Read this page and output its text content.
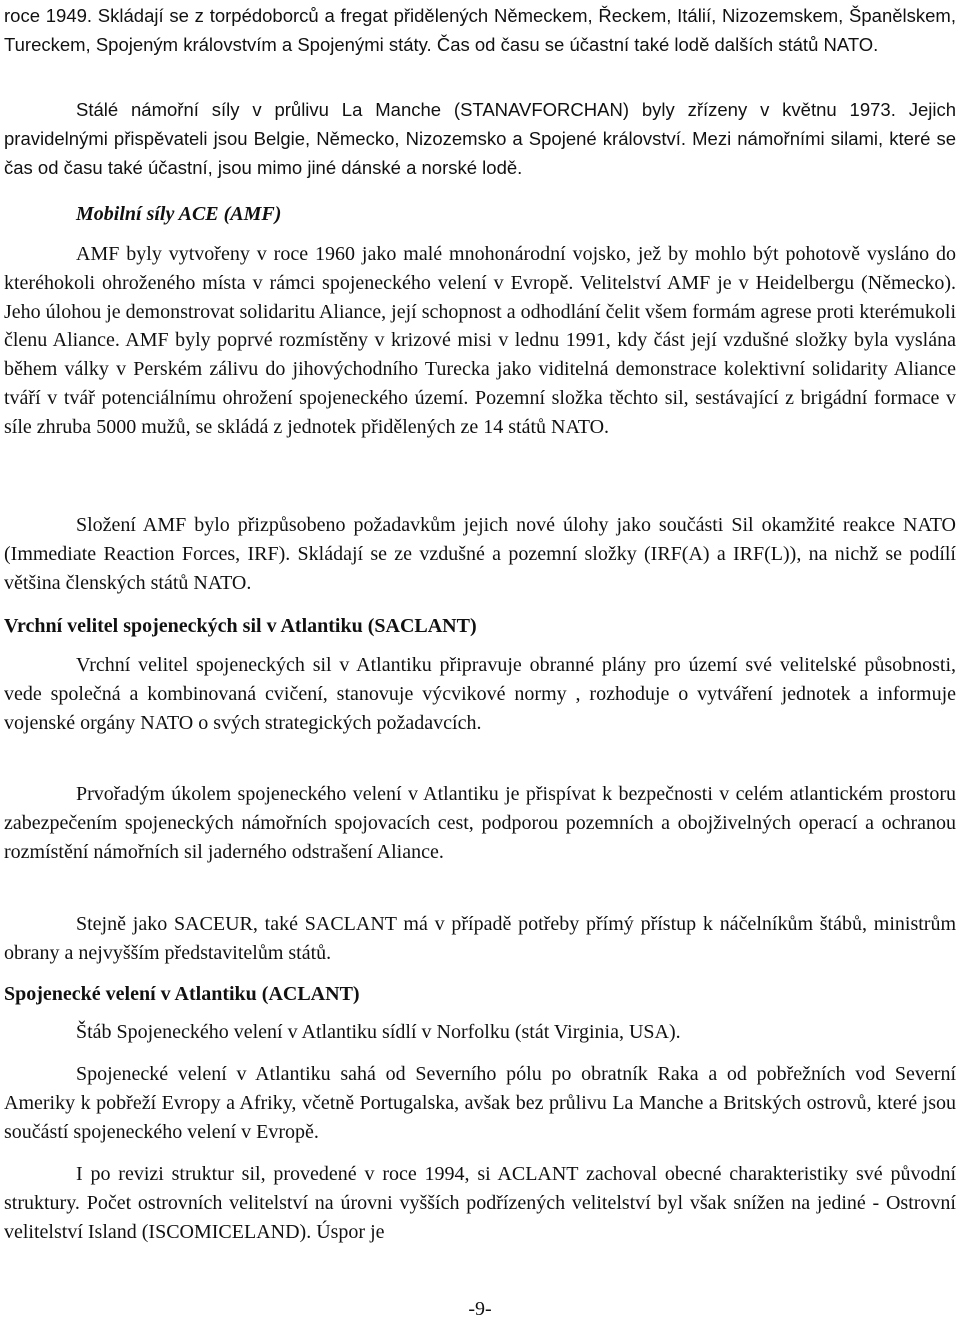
roce 1949. Skládají se z torpédoborců a fregat přidělených Německem, Řeckem, Itálií, Nizozemskem, Španělskem, Tureckem, Spojeným královstvím a Spojenými státy. Čas od času se účastní také lodě dalších států NATO.

Stálé námořní síly v průlivu La Manche (STANAVFORCHAN) byly zřízeny v květnu 1973. Jejich pravidelnými přispěvateli jsou Belgie, Německo, Nizozemsko a Spojené království. Mezi námořními silami, které se čas od času také účastní, jsou mimo jiné dánské a norské lodě.

Mobilní síly ACE (AMF)

AMF byly vytvořeny v roce 1960 jako malé mnohonárodní vojsko, jež by mohlo být pohotově vysláno do kteréhokoli ohroženého místa v rámci spojeneckého velení v Evropě. Velitelství AMF je v Heidelbergu (Německo). Jeho úlohou je demonstrovat solidaritu Aliance, její schopnost a odhodlání čelit všem formám agrese proti kterémukoli členu Aliance. AMF byly poprvé rozmístěny v krizové misi v lednu 1991, kdy část její vzdušné složky byla vyslána během války v Perském zálivu do jihovýchodního Turecka jako viditelná demonstrace kolektivní solidarity Aliance tváří v tvář potenciálnímu ohrožení spojeneckého území. Pozemní složka těchto sil, sestávající z brigádní formace v síle zhruba 5000 mužů, se skládá z jednotek přidělených ze 14 států NATO.

Složení AMF bylo přizpůsobeno požadavkům jejich nové úlohy jako součásti Sil okamžité reakce NATO (Immediate Reaction Forces, IRF). Skládají se ze vzdušné a pozemní složky (IRF(A) a IRF(L)), na nichž se podílí většina členských států NATO.

Vrchní velitel spojeneckých sil v Atlantiku (SACLANT)

Vrchní velitel spojeneckých sil v Atlantiku připravuje obranné plány pro území své velitelské působnosti, vede společná a kombinovaná cvičení, stanovuje výcvikové normy , rozhoduje o vytváření jednotek a informuje vojenské orgány NATO o svých strategických požadavcích.

Prvořadým úkolem spojeneckého velení v Atlantiku je přispívat k bezpečnosti v celém atlantickém prostoru zabezpečením spojeneckých námořních spojovacích cest, podporou pozemních a obojživelných operací a ochranou rozmístění námořních sil jaderného odstrašení Aliance.

Stejně jako SACEUR, také SACLANT má v případě potřeby přímý přístup k náčelníkům štábů, ministrům obrany a nejvyšším představitelům států.

Spojenecké velení v Atlantiku (ACLANT)

Štáb Spojeneckého velení v Atlantiku sídlí v Norfolku (stát Virginia, USA).

Spojenecké velení v Atlantiku sahá od Severního pólu po obratník Raka a od pobřežních vod Severní Ameriky k pobřeží Evropy a Afriky, včetně Portugalska, avšak bez průlivu La Manche a Britských ostrovů, které jsou součástí spojeneckého velení v Evropě.

I po revizi struktur sil, provedené v roce 1994, si ACLANT zachoval obecné charakteristiky své původní struktury. Počet ostrovních velitelství na úrovni vyšších podřízených velitelství byl však snížen na jediné - Ostrovní velitelství Island (ISCOMICELAND). Úspor je

-9-
